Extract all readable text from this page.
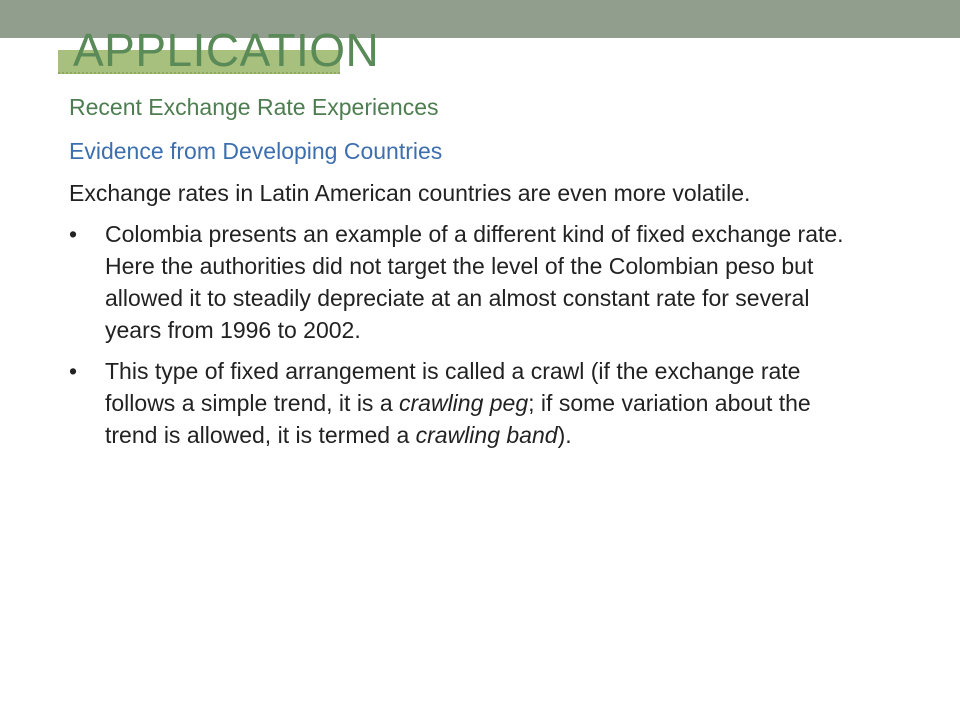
APPLICATION

Recent Exchange Rate Experiences

Evidence from Developing Countries

Exchange rates in Latin American countries are even more volatile.

•	Colombia presents an example of a different kind of fixed exchange rate. Here the authorities did not target the level of the Colombian peso but allowed it to steadily depreciate at an almost constant rate for several years from 1996 to 2002.
•	This type of fixed arrangement is called a crawl (if the exchange rate follows a simple trend, it is a crawling peg; if some variation about the trend is allowed, it is termed a crawling band).
